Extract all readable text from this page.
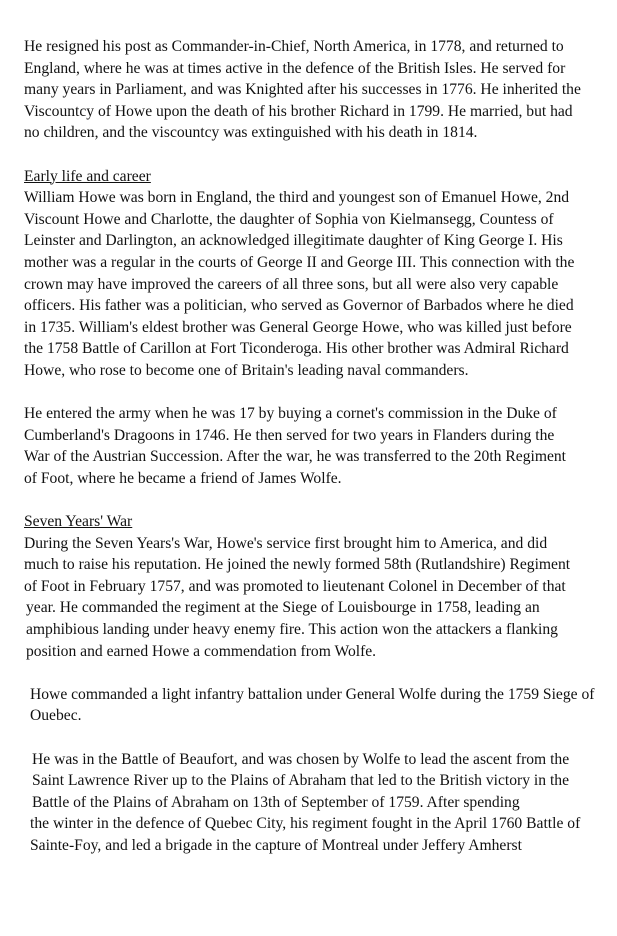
He resigned his post as Commander-in-Chief, North America, in 1778, and returned to
England, where he was at times active in the defence of the British Isles. He served for
many years in Parliament, and was Knighted after his successes in 1776. He inherited the
Viscountcy of Howe upon the death of his brother Richard in 1799. He married, but had
no children, and the viscountcy was extinguished with his death in 1814.
Early life and career
William Howe was born in England, the third and youngest son of Emanuel Howe, 2nd
Viscount Howe and Charlotte, the daughter of Sophia von Kielmansegg, Countess of
Leinster and Darlington, an acknowledged illegitimate daughter of King George I. His
mother was a regular in the courts of George II and George III. This connection with the
crown may have improved the careers of all three sons, but all were also very capable
officers. His father was a politician, who served as Governor of Barbados where he died
in 1735. William's eldest brother was General George Howe, who was killed just before
the 1758 Battle of Carillon at Fort Ticonderoga. His other brother was Admiral Richard
Howe, who rose to become one of Britain's leading naval commanders.
He entered the army when he was 17 by buying a cornet's commission in the Duke of
Cumberland's Dragoons in 1746. He then served for two years in Flanders during the
War of the Austrian Succession. After the war, he was transferred to the 20th Regiment
of Foot, where he became a friend of James Wolfe.
Seven Years' War
During the Seven Years's War, Howe's service first brought him to America, and did
much to raise his reputation. He joined the newly formed 58th (Rutlandshire) Regiment
of Foot in February 1757, and was promoted to lieutenant Colonel in December of that
year. He commanded the regiment at the Siege of Louisbourge in 1758, leading an
amphibious landing under heavy enemy fire. This action won the attackers a flanking
position and earned Howe a commendation from Wolfe.
Howe commanded a light infantry battalion under General Wolfe during the 1759 Siege of
Ouebec.
He was in the Battle of Beaufort, and was chosen by Wolfe to lead the ascent from the
Saint Lawrence River up to the Plains of Abraham that led to the British victory in the
Battle of the Plains of Abraham on 13th of September of 1759. After spending
the winter in the defence of Quebec City, his regiment fought in the April 1760 Battle of
Sainte-Foy, and led a brigade in the capture of Montreal under Jeffery Amherst
